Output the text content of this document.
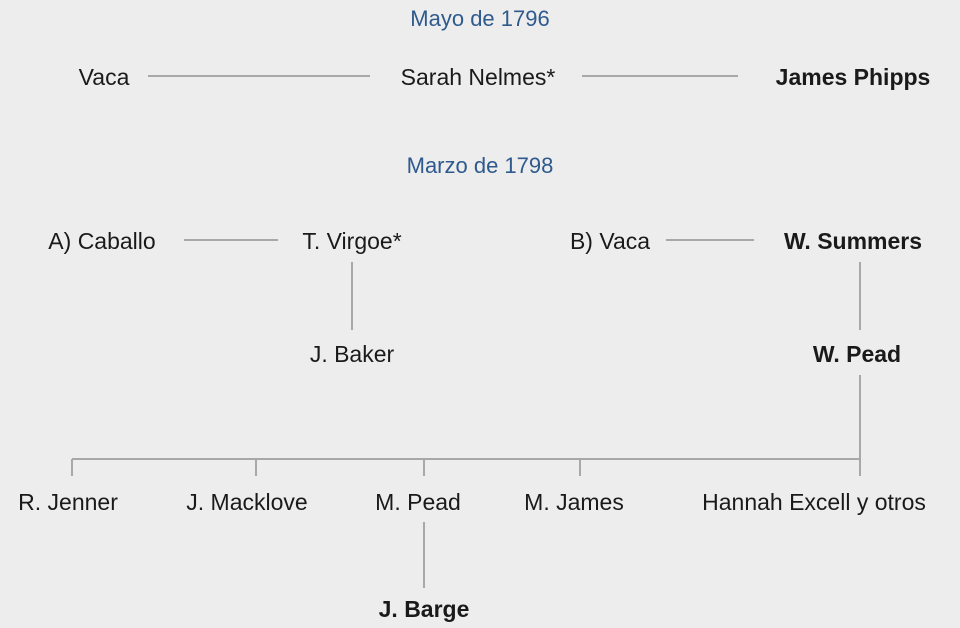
Mayo de 1796
Vaca	Sarah Nelmes*	James Phipps
Marzo de 1798
A) Caballo	T. Virgoe*	B) Vaca	W. Summers
J. Baker	W. Pead
R. Jenner	J. Macklove	M. Pead	M. James	Hannah Excell y otros
J. Barge
